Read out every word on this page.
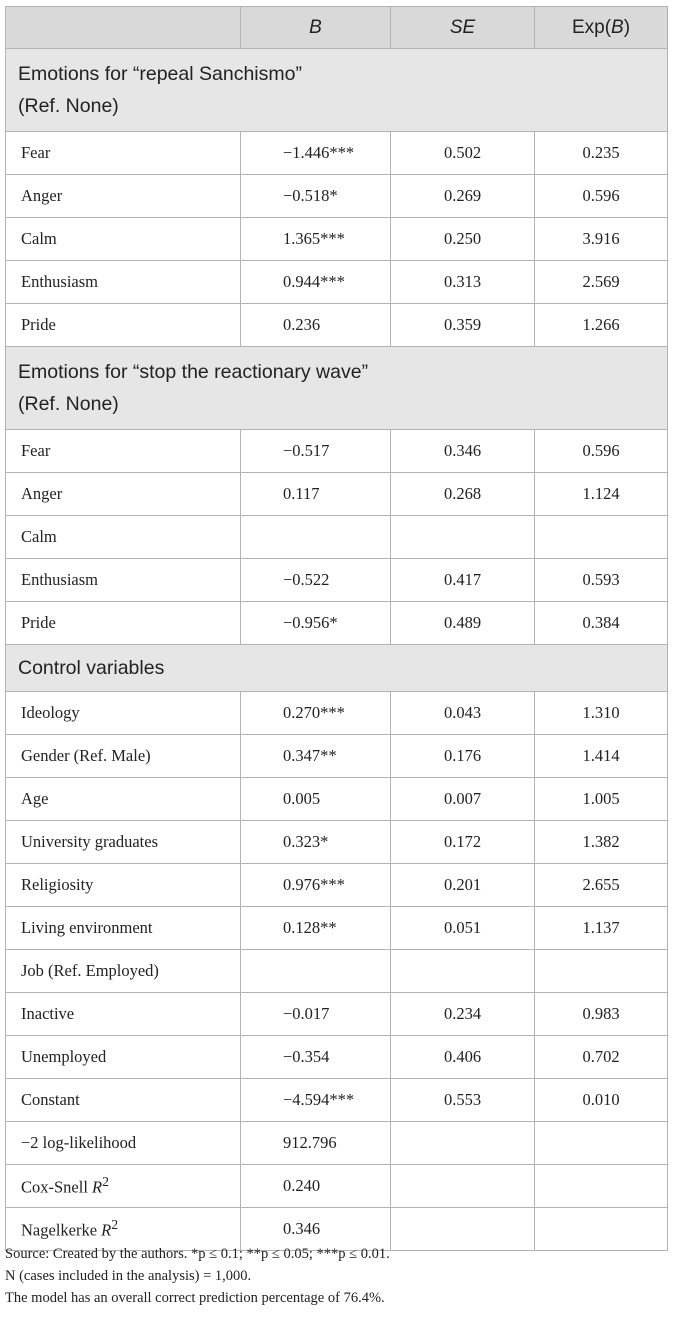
	B	SE	Exp(B)
Emotions for “repeal Sanchismo”
(Ref. None)			
Fear	−1.446***	0.502	0.235
Anger	−0.518*	0.269	0.596
Calm	1.365***	0.250	3.916
Enthusiasm	0.944***	0.313	2.569
Pride	0.236	0.359	1.266
Emotions for “stop the reactionary wave”
(Ref. None)			
Fear	−0.517	0.346	0.596
Anger	0.117	0.268	1.124
Calm			
Enthusiasm	−0.522	0.417	0.593
Pride	−0.956*	0.489	0.384
Control variables			
Ideology	0.270***	0.043	1.310
Gender (Ref. Male)	0.347**	0.176	1.414
Age	0.005	0.007	1.005
University graduates	0.323*	0.172	1.382
Religiosity	0.976***	0.201	2.655
Living environment	0.128**	0.051	1.137
Job (Ref. Employed)			
Inactive	−0.017	0.234	0.983
Unemployed	−0.354	0.406	0.702
Constant	−4.594***	0.553	0.010
−2 log-likelihood	912.796		
Cox-Snell $R^2$	0.240		
Nagelkerke $R^2$	0.346		
Source: Created by the authors. *p ≤ 0.1; **p ≤ 0.05; ***p ≤ 0.01.
N (cases included in the analysis) = 1,000.
The model has an overall correct prediction percentage of 76.4%.
